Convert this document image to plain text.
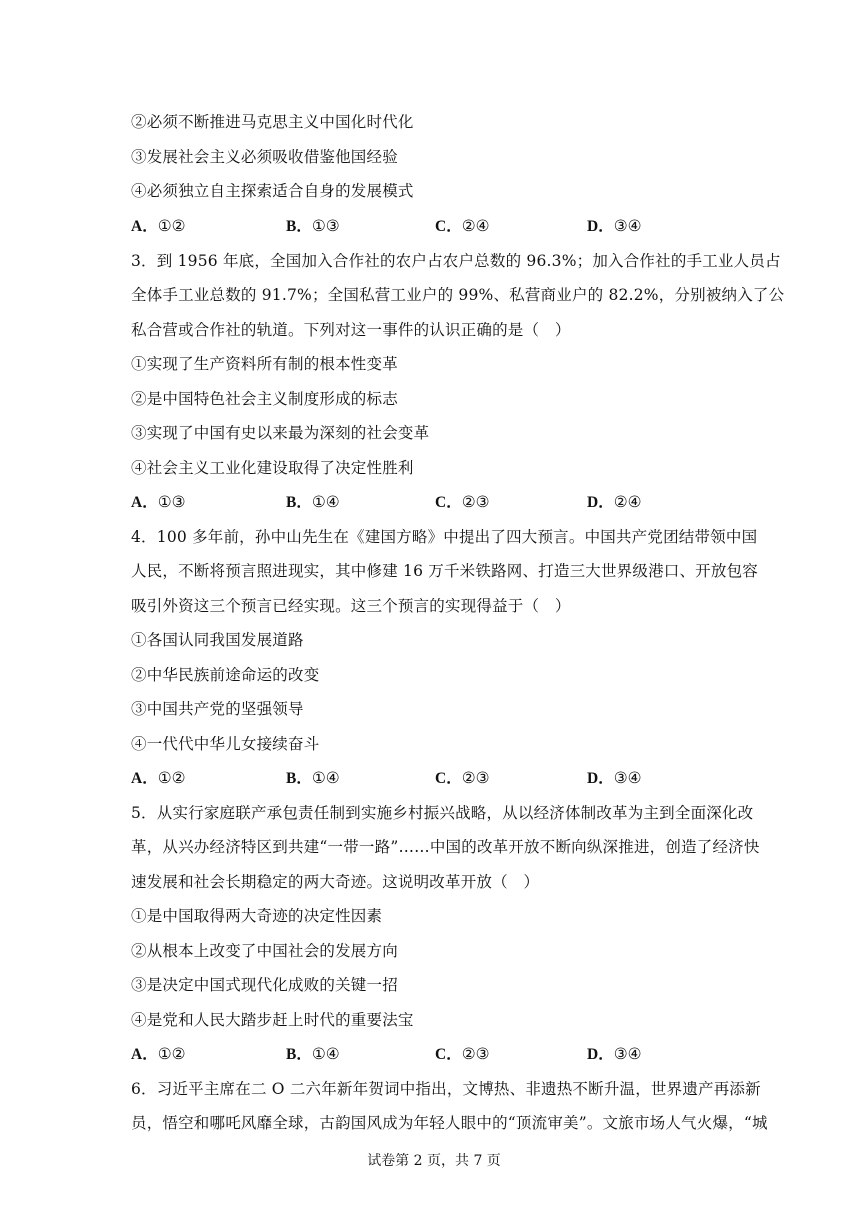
②必须不断推进马克思主义中国化时代化
③发展社会主义必须吸收借鉴他国经验
④必须独立自主探索适合自身的发展模式
A．①②	B．①③	C．②④	D．③④
3．到 1956 年底，全国加入合作社的农户占农户总数的 96.3%；加入合作社的手工业人员占
全体手工业总数的 91.7%；全国私营工业户的 99%、私营商业户的 82.2%，分别被纳入了公
私合营或合作社的轨道。下列对这一事件的认识正确的是（　）
①实现了生产资料所有制的根本性变革
②是中国特色社会主义制度形成的标志
③实现了中国有史以来最为深刻的社会变革
④社会主义工业化建设取得了决定性胜利
A．①③	B．①④	C．②③	D．②④
4．100 多年前，孙中山先生在《建国方略》中提出了四大预言。中国共产党团结带领中国
人民，不断将预言照进现实，其中修建 16 万千米铁路网、打造三大世界级港口、开放包容
吸引外资这三个预言已经实现。这三个预言的实现得益于（　）
①各国认同我国发展道路
②中华民族前途命运的改变
③中国共产党的坚强领导
④一代代中华儿女接续奋斗
A．①②	B．①④	C．②③	D．③④
5．从实行家庭联产承包责任制到实施乡村振兴战略，从以经济体制改革为主到全面深化改
革，从兴办经济特区到共建“一带一路”……中国的改革开放不断向纵深推进，创造了经济快
速发展和社会长期稳定的两大奇迹。这说明改革开放（　）
①是中国取得两大奇迹的决定性因素
②从根本上改变了中国社会的发展方向
③是决定中国式现代化成败的关键一招
④是党和人民大踏步赶上时代的重要法宝
A．①②	B．①④	C．②③	D．③④
6．习近平主席在二 O 二六年新年贺词中指出，文博热、非遗热不断升温，世界遗产再添新
员，悟空和哪吒风靡全球，古韵国风成为年轻人眼中的“顶流审美”。文旅市场人气火爆，“城
试卷第 2 页，共 7 页
